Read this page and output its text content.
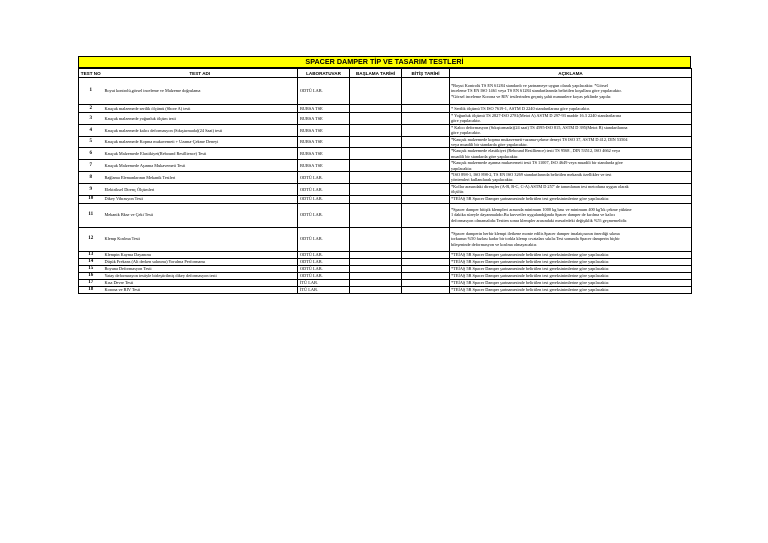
SPACER DAMPER TİP VE TASARIM TESTLERİ
TEST NO	TEST ADI	LABORATUVAR	BAŞLAMA TARİHİ	BİTİŞ TARİHİ	AÇIKLAMA
1	Boyut kontrolü,görsel inceleme ve Malzeme doğrulama	ODTÜ LAB.			*Boyut Kontrolü TS EN 61284 standardı ve şartnameye uygun olarak yapılacaktır. *Görsel
inceleme TS EN ISO 1461 veya TS EN 61284 standartlarında belirtilen koşullara göre yapılacaktır.
*Görsel inceleme Korona ve RIV testlerinden geçmiş şahit numunlere koyas şeklinde yapılır.

2	Kauçuk malzemede sertlik ölçümü (Shore A) testi	BURSA TSE			* Sertlik ölçümü TS ISO 7619-1, ASTM D 2240 standartlarına göre yapılacaktır.

3	Kauçuk malzemede yoğunluk ölçüm testi	BURSA TSE			* Yoğunluk ölçümü TS 2827-ISO 2781(Metot A) ASTM D 297-93 madde 16.3 2240 standartlarına
göre yapılacaktır.

4	Kauçuk malzemede kalıcı deformasyon (Sıkıştırmada)(24 Saat) testi	BURSA TSE			* Kalıcı deformasyon (Sıkıştırmada)(24 saat) TS 4595-ISO 815, ASTM D 395(Metot B) standartlarına
göre yapılacaktır.

5	Kauçuk malzemede Kopma mukavemeti + Uzama-Çekme Deneyi	BURSA TSE			*Kauçuk malzemede kopma mukavemeti+uzama-çekme deneyi TS ISO 37, ASTM D 412, DIN 53504
veya muadili bir standarda göre yapılacaktır.

6	Kauçuk Malzemede Elastikiyet(Rebound Resillience) Testi	BURSA TSE			*Kauçuk malzemede elastikiyet (Rebound Resillience) testi TS 9568 , DIN 53512, ISO 4662 veya
muadili bir standarda göre yapılacaktır.

7	Kauçuk Malzemede Aşınma Mukavemeti Testi	BURSA TSE			*Kauçuk malzemede aşınma mukavemeti testi TS 11007, ISO 4649 veya muadili bir standarda göre
yapılacaktır.

8	Bağlama Elemanlarının Mekanik Testleri	ODTÜ LAB.			*ISO 898-1, ISO 898-2, TS EN ISO 3269 standartlarında belirtilen mekanik özellikler ve test
yöntemleri kullanılarak yapılacaktır.

9	Elektriksel Direnç Ölçümleri	ODTÜ LAB.			*Kollar arasındaki dirençler (A-B, B-C, C-A) ASTM D 257' de tanımlanan test metoduna uygun olarak
ölçülür.

10	Dikey Vibrasyon Testi	ODTÜ LAB.			*TEİAŞ 5B Spacer Damper şartnamesinde belirtilen test gereksinimlerine göre yapılacaktır.

11	Mekanik Bkse ve Çeki Testi	ODTÜ LAB.			*Spacer damper bitişik klempleri arasında minimum 1000 kg bası ve minimum 400 kg'lık çekme yüküne
1 dakika süreyle dayanmalıdır.Bu kuvvetler uygulandığında Spacer damper de kırılma ve kalıcı
deformasyon olmamalıdır.Testten sonra klempler arasındaki mesafedeki değişiklik %5'i geçmemelidir.

12	Klemp Kırılma Testi	ODTÜ LAB.			*Spacer damperin herbir klempi iletkene monte edilir.Spacer damper imalatçısının önerdiği sıkma
torkunun %50 fazlası kadar bir torkla klemp cıvataları sıkılır.Test sonunda Spacer damperin hiçbir
bileşeninde deformasyon ve kırılma olmayacaktır.

13	Klempin Kayma Dayanımı	ODTÜ LAB.			*TEİAŞ 5B Spacer Damper şartnamesinde belirtilen test gereksinimlerine göre yapılacaktır.

14	Düşük Frekans (Alt derken salınımı) Yorulma Performansı	ODTÜ LAB.			*TEİAŞ 5B Spacer Damper şartnamesinde belirtilen test gereksinimlerine göre yapılacaktır.

15	Boyuna Deformasyon Testi	ODTÜ LAB.			*TEİAŞ 5B Spacer Damper şartnamesinde belirtilen test gereksinimlerine göre yapılacaktır.

16	Yatay deformasyon testiyle birleştirilmiş dikey deformasyon testi	ODTÜ LAB.			*TEİAŞ 5B Spacer Damper şartnamesinde belirtilen test gereksinimlerine göre yapılacaktır.

17	Kısa Devre Testi	İTÜ LAB.			*TEİAŞ 5B Spacer Damper şartnamesinde belirtilen test gereksinimlerine göre yapılacaktır.

18	Korona ve RIV Testi	İTÜ LAB.			*TEİAŞ 5B Spacer Damper şartnamesinde belirtilen test gereksinimlerine göre yapılacaktır.
